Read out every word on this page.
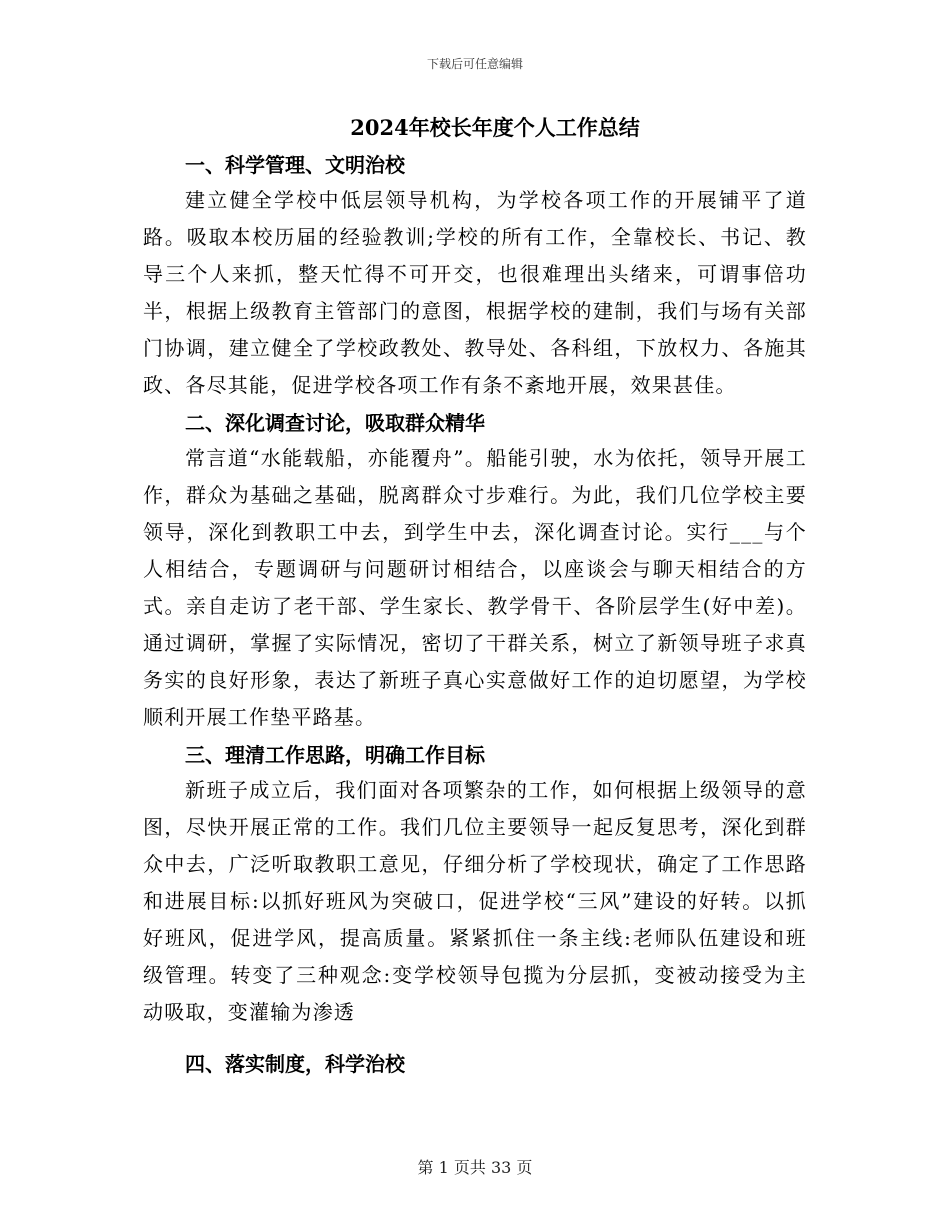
下载后可任意编辑
2024年校长年度个人工作总结
一、科学管理、文明治校
建立健全学校中低层领导机构，为学校各项工作的开展铺平了道路。吸取本校历届的经验教训;学校的所有工作，全靠校长、书记、教导三个人来抓，整天忙得不可开交，也很难理出头绪来，可谓事倍功半，根据上级教育主管部门的意图，根据学校的建制，我们与场有关部门协调，建立健全了学校政教处、教导处、各科组，下放权力、各施其政、各尽其能，促进学校各项工作有条不紊地开展，效果甚佳。
二、深化调查讨论，吸取群众精华
常言道“水能载船，亦能覆舟”。船能引驶，水为依托，领导开展工作，群众为基础之基础，脱离群众寸步难行。为此，我们几位学校主要领导，深化到教职工中去，到学生中去，深化调查讨论。实行___与个人相结合，专题调研与问题研讨相结合，以座谈会与聊天相结合的方式。亲自走访了老干部、学生家长、教学骨干、各阶层学生(好中差)。通过调研，掌握了实际情况，密切了干群关系，树立了新领导班子求真务实的良好形象，表达了新班子真心实意做好工作的迫切愿望，为学校顺利开展工作垫平路基。
三、理清工作思路，明确工作目标
新班子成立后，我们面对各项繁杂的工作，如何根据上级领导的意图，尽快开展正常的工作。我们几位主要领导一起反复思考，深化到群众中去，广泛听取教职工意见，仔细分析了学校现状，确定了工作思路和进展目标:以抓好班风为突破口，促进学校“三风”建设的好转。以抓好班风，促进学风，提高质量。紧紧抓住一条主线:老师队伍建设和班级管理。转变了三种观念:变学校领导包揽为分层抓，变被动接受为主动吸取，变灌输为渗透
四、落实制度，科学治校
第 1 页共 33 页
